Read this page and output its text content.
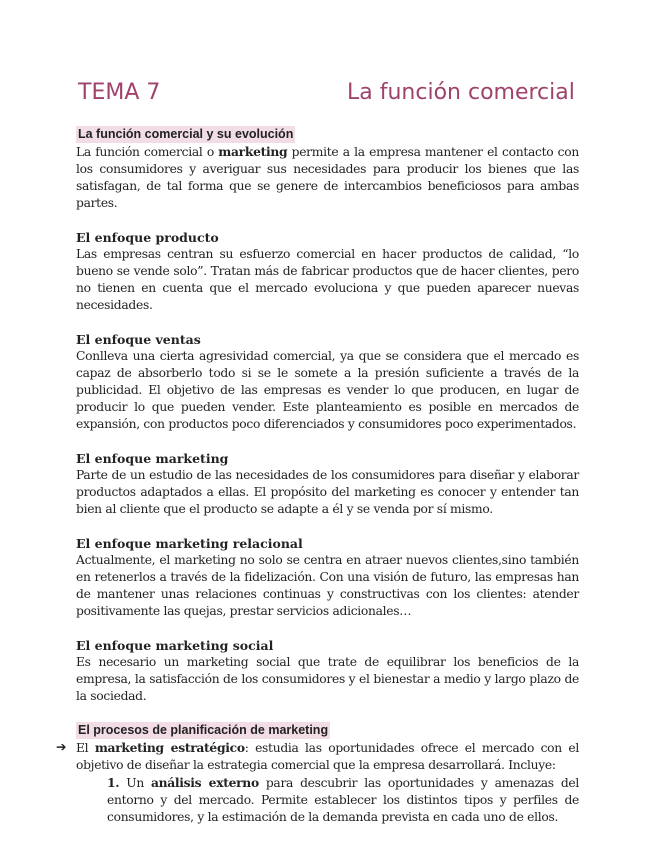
TEMA 7	La función comercial
La función comercial y su evolución

La función comercial o marketing permite a la empresa mantener el contacto con los consumidores y averiguar sus necesidades para producir los bienes que las satisfagan, de tal forma que se genere de intercambios beneficiosos para ambas partes.

El enfoque producto

Las empresas centran su esfuerzo comercial en hacer productos de calidad, “lo bueno se vende solo”. Tratan más de fabricar productos que de hacer clientes, pero no tienen en cuenta que el mercado evoluciona y que pueden aparecer nuevas necesidades.

El enfoque ventas

Conlleva una cierta agresividad comercial, ya que se considera que el mercado es capaz de absorberlo todo si se le somete a la presión suficiente a través de la publicidad. El objetivo de las empresas es vender lo que producen, en lugar de producir lo que pueden vender. Este planteamiento es posible en mercados de expansión, con productos poco diferenciados y consumidores poco experimentados.

El enfoque marketing

Parte de un estudio de las necesidades de los consumidores para diseñar y elaborar productos adaptados a ellas. El propósito del marketing es conocer y entender tan bien al cliente que el producto se adapte a él y se venda por sí mismo.

El enfoque marketing relacional

Actualmente, el marketing no solo se centra en atraer nuevos clientes,sino también en retenerlos a través de la fidelización. Con una visión de futuro, las empresas han de mantener unas relaciones continuas y constructivas con los clientes: atender positivamente las quejas, prestar servicios adicionales…

El enfoque marketing social

Es necesario un marketing social que trate de equilibrar los beneficios de la empresa, la satisfacción de los consumidores y el bienestar a medio y largo plazo de la sociedad.

El procesos de planificación de marketing
➔ El marketing estratégico: estudia las oportunidades ofrece el mercado con el objetivo de diseñar la estrategia comercial que la empresa desarrollará. Incluye:

1. Un análisis externo para descubrir las oportunidades y amenazas del entorno y del mercado. Permite establecer los distintos tipos y perfiles de consumidores, y la estimación de la demanda prevista en cada uno de ellos.
